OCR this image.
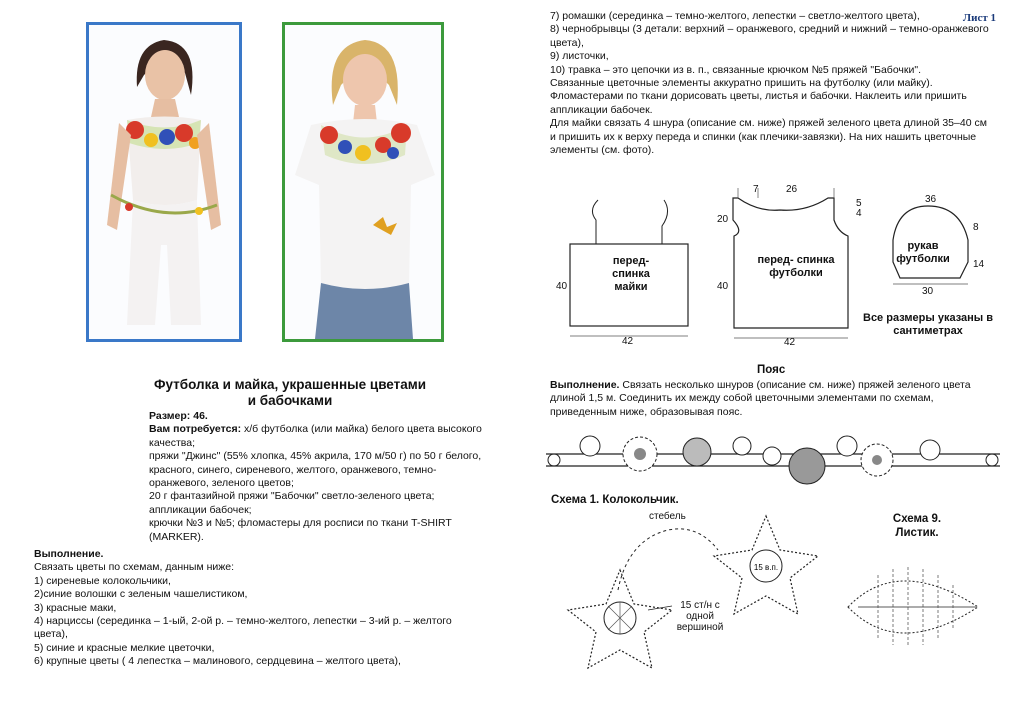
Лист 1
Футболка и майка, украшенные цветами и бабочками

Размер: 46.

Вам потребуется: х/б футболка (или майка) белого цвета высокого качества;

пряжи "Джинс" (55% хлопка, 45% акрила, 170 м/50 г) по 50 г белого, красного, синего, сиреневого, желтого, оранжевого, темно-оранжевого, зеленого цветов;

20 г фантазийной пряжи "Бабочки" светло-зеленого цвета;

аппликации бабочек;

крючки №3 и №5; фломастеры для росписи по ткани T-SHIRT (MARKER).

Выполнение.

Связать цветы по схемам, данным ниже:

1) сиреневые колокольчики,

2)синие волошки с зеленым чашелистиком,

3) красные маки,

4) нарциссы (серединка – 1-ый, 2-ой р. – темно-желтого, лепестки – 3-ий р. – желтого цвета),

5) синие и красные мелкие цветочки,

6) крупные цветы ( 4 лепестка – малинового, сердцевина – желтого цвета),

7) ромашки (серединка – темно-желтого, лепестки – светло-желтого цвета),

8) чернобрывцы (3 детали: верхний – оранжевого, средний и нижний – темно-оранжевого цвета),

9) листочки,

10) травка – это цепочки из в. п., связанные крючком №5 пряжей "Бабочки".

Связанные цветочные элементы аккуратно пришить на футболку (или майку). Фломастерами по ткани дорисовать цветы, листья и бабочки. Наклеить или пришить аппликации бабочек.

Для майки связать 4 шнура (описание см. ниже) пряжей зеленого цвета длиной 35–40 см и пришить их к верху переда и спинки (как плечики-завязки). На них нашить цветочные элементы (см. фото).

перед- спинка майки
40
42
перед- спинка футболки
7	26
20
40
42
5
4
рукав футболки
36
8
14
30
Все размеры указаны в сантиметрах
Пояс

Выполнение. Связать несколько шнуров (описание см. ниже) пряжей зеленого цвета длиной 1,5 м. Соединить их между собой цветочными элементами по схемам, приведенным ниже, образовывая пояс.

Схема 1. Колокольчик.
стебель
15 ст/н с одной вершиной
15 в.п.
Схема 9. Листик.
